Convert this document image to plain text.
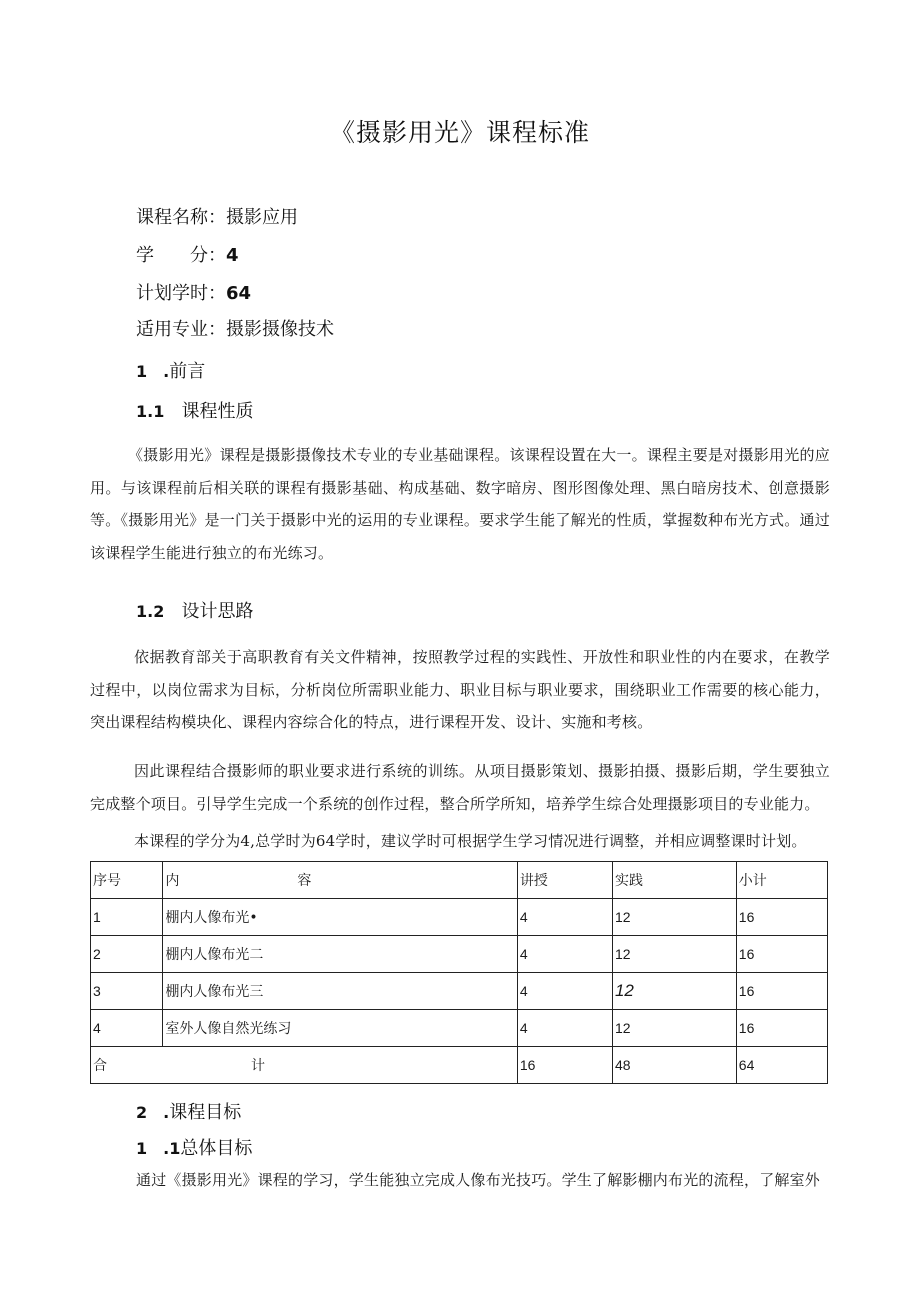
《摄影用光》课程标准
课程名称：摄影应用
学　　分：4
计划学时：64
适用专业：摄影摄像技术
1　.前言
1.1 课程性质
《摄影用光》课程是摄影摄像技术专业的专业基础课程。该课程设置在大一。课程主要是对摄影用光的应用。与该课程前后相关联的课程有摄影基础、构成基础、数字暗房、图形图像处理、黑白暗房技术、创意摄影等。《摄影用光》是一门关于摄影中光的运用的专业课程。要求学生能了解光的性质，掌握数种布光方式。通过该课程学生能进行独立的布光练习。
1.2 设计思路
依据教育部关于高职教育有关文件精神，按照教学过程的实践性、开放性和职业性的内在要求，在教学过程中，以岗位需求为目标，分析岗位所需职业能力、职业目标与职业要求，围绕职业工作需要的核心能力，突出课程结构模块化、课程内容综合化的特点，进行课程开发、设计、实施和考核。
因此课程结合摄影师的职业要求进行系统的训练。从项目摄影策划、摄影拍摄、摄影后期，学生要独立完成整个项目。引导学生完成一个系统的创作过程，整合所学所知，培养学生综合处理摄影项目的专业能力。
本课程的学分为4,总学时为64学时，建议学时可根据学生学习情况进行调整，并相应调整课时计划。
序号	内 容	讲授	实践	小计
1	棚内人像布光•	4	12	16
2	棚内人像布光二	4	12	16
3	棚内人像布光三	4	12	16
4	室外人像自然光练习	4	12	16
合 计		16	48	64
2　.课程目标
1　.1总体目标
通过《摄影用光》课程的学习，学生能独立完成人像布光技巧。学生了解影棚内布光的流程，了解室外
